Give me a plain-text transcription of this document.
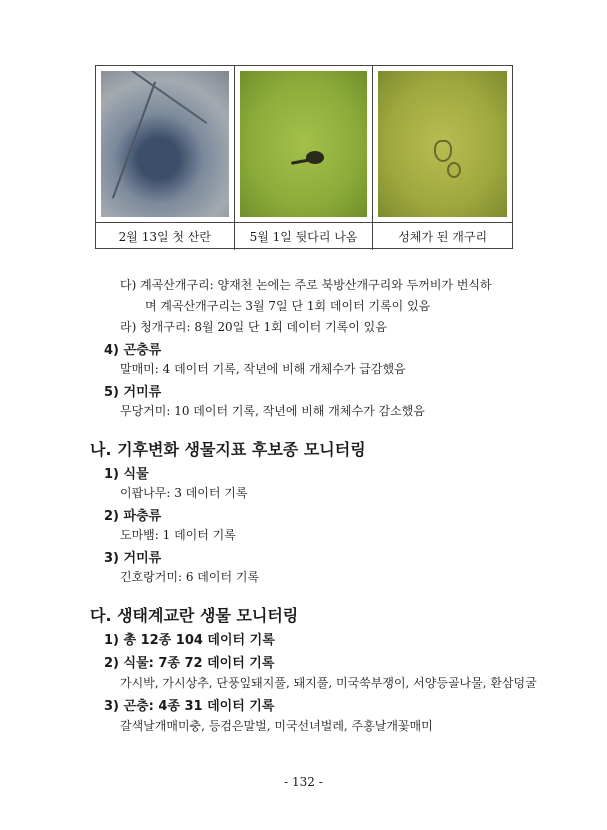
2월 13일 첫 산란	5월 1일 뒷다리 나옴	성체가 된 개구리
다) 계곡산개구리: 양재천 논에는 주로 북방산개구리와 두꺼비가 번식하
며 계곡산개구리는 3월 7일 단 1회 데이터 기록이 있음
라) 청개구리: 8월 20일 단 1회 데이터 기록이 있음
4) 곤충류
말매미: 4 데이터 기록, 작년에 비해 개체수가 급감했음
5) 거미류
무당거미: 10 데이터 기록, 작년에 비해 개체수가 감소했음
나. 기후변화 생물지표 후보종 모니터링
1) 식물
이팝나무: 3 데이터 기록
2) 파충류
도마뱀: 1 데이터 기록
3) 거미류
긴호랑거미: 6 데이터 기록
다. 생태계교란 생물 모니터링
1) 총 12종 104 데이터 기록
2) 식물: 7종 72 데이터 기록
가시박, 가시상추, 단풍잎돼지풀, 돼지풀, 미국쑥부쟁이, 서양등골나물, 환삼덩굴
3) 곤충: 4종 31 데이터 기록
갈색날개매미충, 등검은말벌, 미국선녀벌레, 주홍날개꽃매미
- 132 -
